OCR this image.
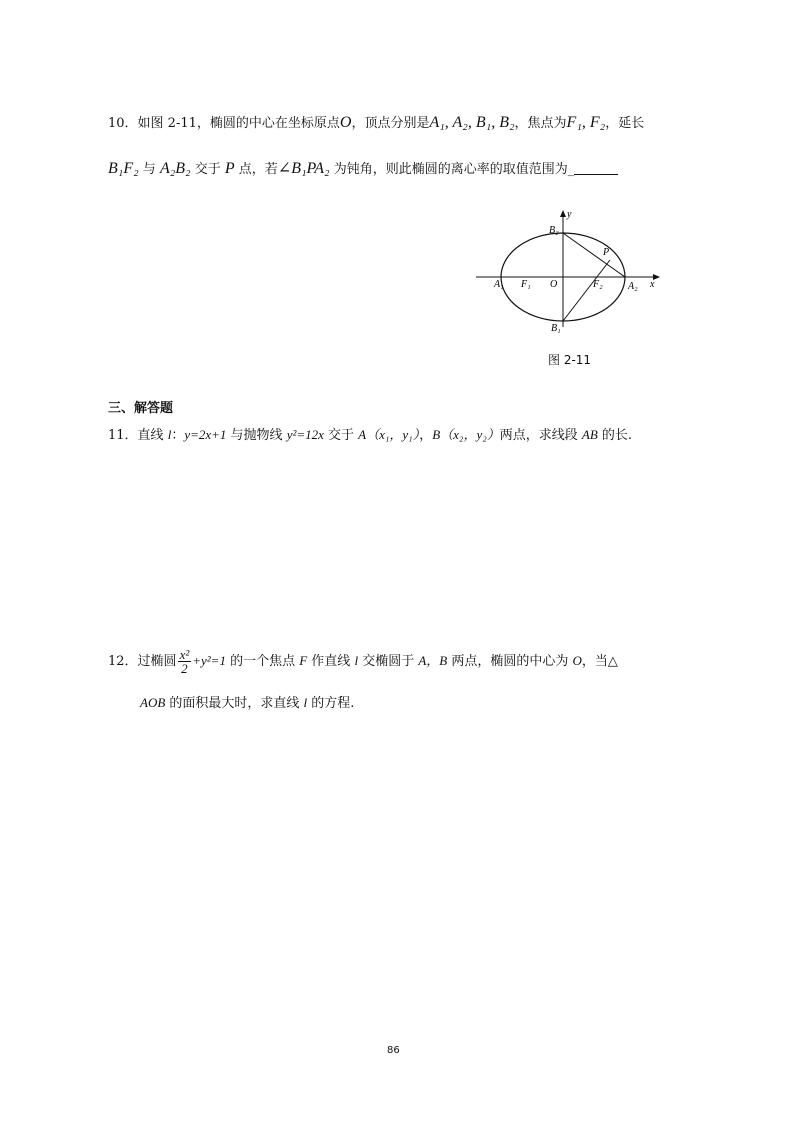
10．如图 2-11，椭圆的中心在坐标原点O，顶点分别是A₁, A₂, B₁, B₂，焦点为F₁, F₂，延长
B₁F₂ 与 A₂B₂ 交于 P 点，若∠B₁PA₂ 为钝角，则此椭圆的离心率的取值范围为_
y
B₂
P
A₁ F₁ O	F₂	A₂ x
B₁
图 2-11
三、解答题
11．直线 l：y=2x+1 与抛物线 y²=12x 交于 A（x₁，y₁），B（x₂，y₂）两点，求线段 AB 的长.
12．过椭圆 $\frac{\text{x²}}{2} +y^2=1$ 的一个焦点 F 作直线 l 交椭圆于 A，B 两点，椭圆的中心为 O，当△
AOB 的面积最大时，求直线 l 的方程.
86
